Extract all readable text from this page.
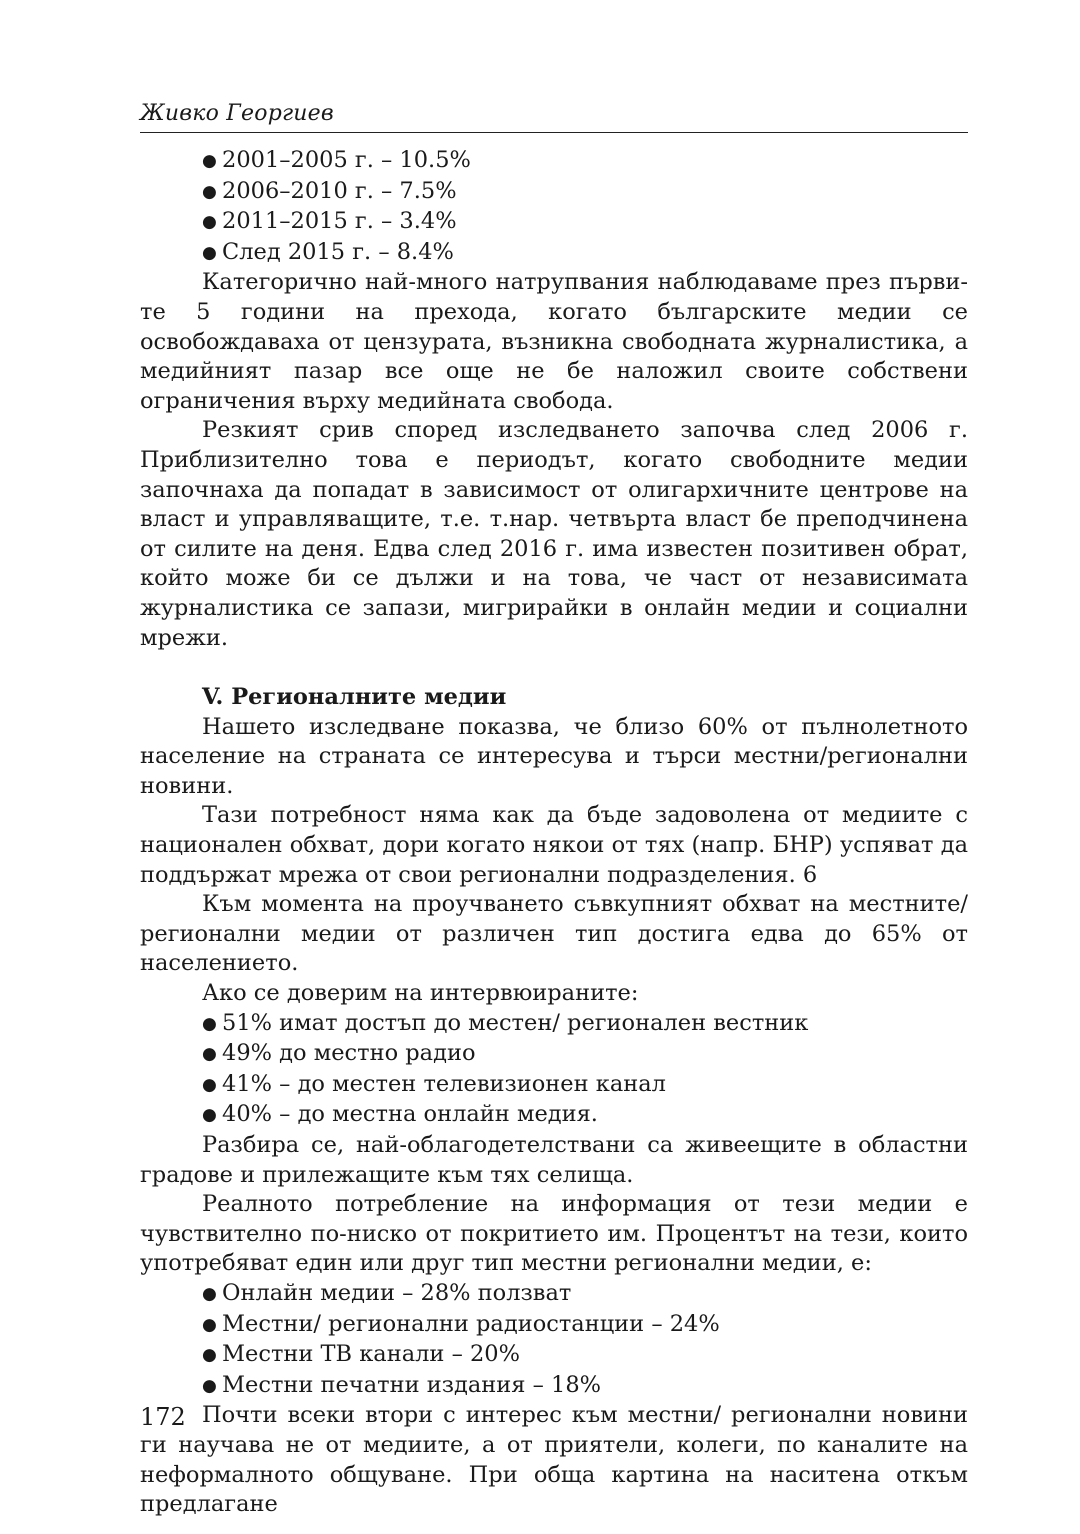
Живко Георгиев
● 2001–2005 г. – 10.5%
● 2006–2010 г. – 7.5%
● 2011–2015 г. – 3.4%
● След 2015 г. – 8.4%

Категорично най-много натрупвания наблюдаваме през първите 5 години на прехода, когато българските медии се освобождаваха от цензурата, възникна свободната журналистика, а медийният пазар все още не бе наложил своите собствени ограничения върху медийната свобода.

Резкият срив според изследването започва след 2006 г. Приблизително това е периодът, когато свободните медии започнаха да попадат в зависимост от олигархичните центрове на власт и управляващите, т.е. т.нар. четвърта власт бе преподчинена от силите на деня. Едва след 2016 г. има известен позитивен обрат, който може би се дължи и на това, че част от независимата журналистика се запази, мигрирайки в онлайн медии и социални мрежи.

V. Регионалните медии

Нашето изследване показва, че близо 60% от пълнолетното население на страната се интересува и търси местни/регионални новини.

Тази потребност няма как да бъде задоволена от медиите с национален обхват, дори когато някои от тях (напр. БНР) успяват да поддържат мрежа от свои регионални подразделения. 6

Към момента на проучването съвкупният обхват на местните/регионални медии от различен тип достига едва до 65% от населението.

Ако се доверим на интервюираните:

● 51% имат достъп до местен/ регионален вестник
● 49% до местно радио
● 41% – до местен телевизионен канал
● 40% – до местна онлайн медия.

Разбира се, най-облагодетелствани са живеещите в областни градове и прилежащите към тях селища.

Реалното потребление на информация от тези медии е чувствително по-ниско от покритието им. Процентът на тези, които употребяват един или друг тип местни регионални медии, е:

● Онлайн медии – 28% ползват
● Местни/ регионални радиостанции – 24%
● Местни ТВ канали – 20%
● Местни печатни издания – 18%

Почти всеки втори с интерес към местни/ регионални новини ги научава не от медиите, а от приятели, колеги, по каналите на неформалното общуване. При обща картина на наситена откъм предлагане

172
